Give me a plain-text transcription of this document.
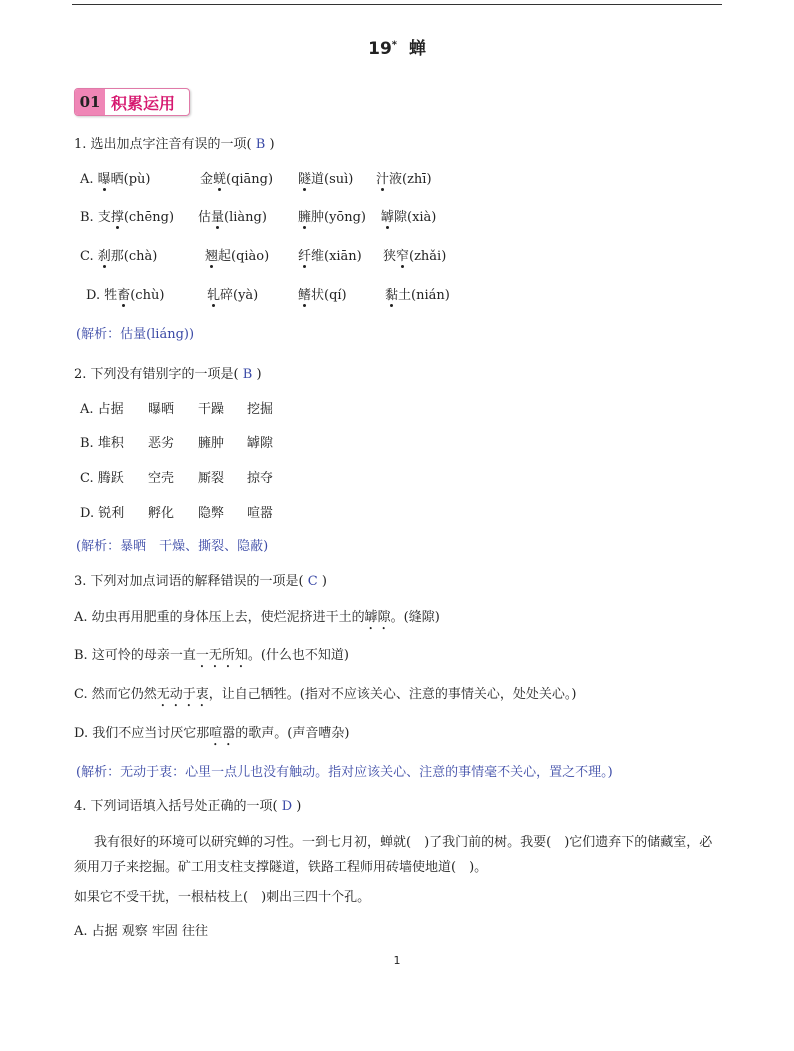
19* 蝉
01 积累运用
1. 选出加点字注音有误的一项( B )
A. 曝晒(pù)	金蜣(qiāng) 隧道(suì) 汁液(zhī)
B. 支撑(chēng) 估量(liàng) 臃肿(yōng) 罅隙(xià)
C. 刹那(chà)	翘起(qiào) 纤维(xiān) 狭窄(zhǎi)
D. 牲畜(chù)	轧碎(yà)	鳍状(qí)	黏土(nián)
(解析：估量(liáng))
2. 下列没有错别字的一项是( B )
A. 占据 曝晒 干躁 挖掘
B. 堆积 恶劣 臃肿 罅隙
C. 腾跃 空壳 厮裂 掠夺
D. 锐利 孵化 隐弊 喧嚣
(解析：暴晒　干燥、撕裂、隐蔽)
3. 下列对加点词语的解释错误的一项是( C )
A. 幼虫再用肥重的身体压上去，使烂泥挤进干土的罅隙。(缝隙)
B. 这可怜的母亲一直一无所知。(什么也不知道)
C. 然而它仍然无动于衷，让自己牺牲。(指对不应该关心、注意的事情关心，处处关心。)
D. 我们不应当讨厌它那喧嚣的歌声。(声音嘈杂)
(解析：无动于衷：心里一点儿也没有触动。指对应该关心、注意的事情毫不关心，置之不理。)
4. 下列词语填入括号处正确的一项( D )
我有很好的环境可以研究蝉的习性。一到七月初，蝉就(　)了我门前的树。我要(　)它们遗弃下的储藏室，必须用刀子来挖掘。矿工用支柱支撑隧道，铁路工程师用砖墙使地道(　)。
如果它不受干扰，一根枯枝上(　)刺出三四十个孔。
A. 占据 观察 牢固 往往
1
